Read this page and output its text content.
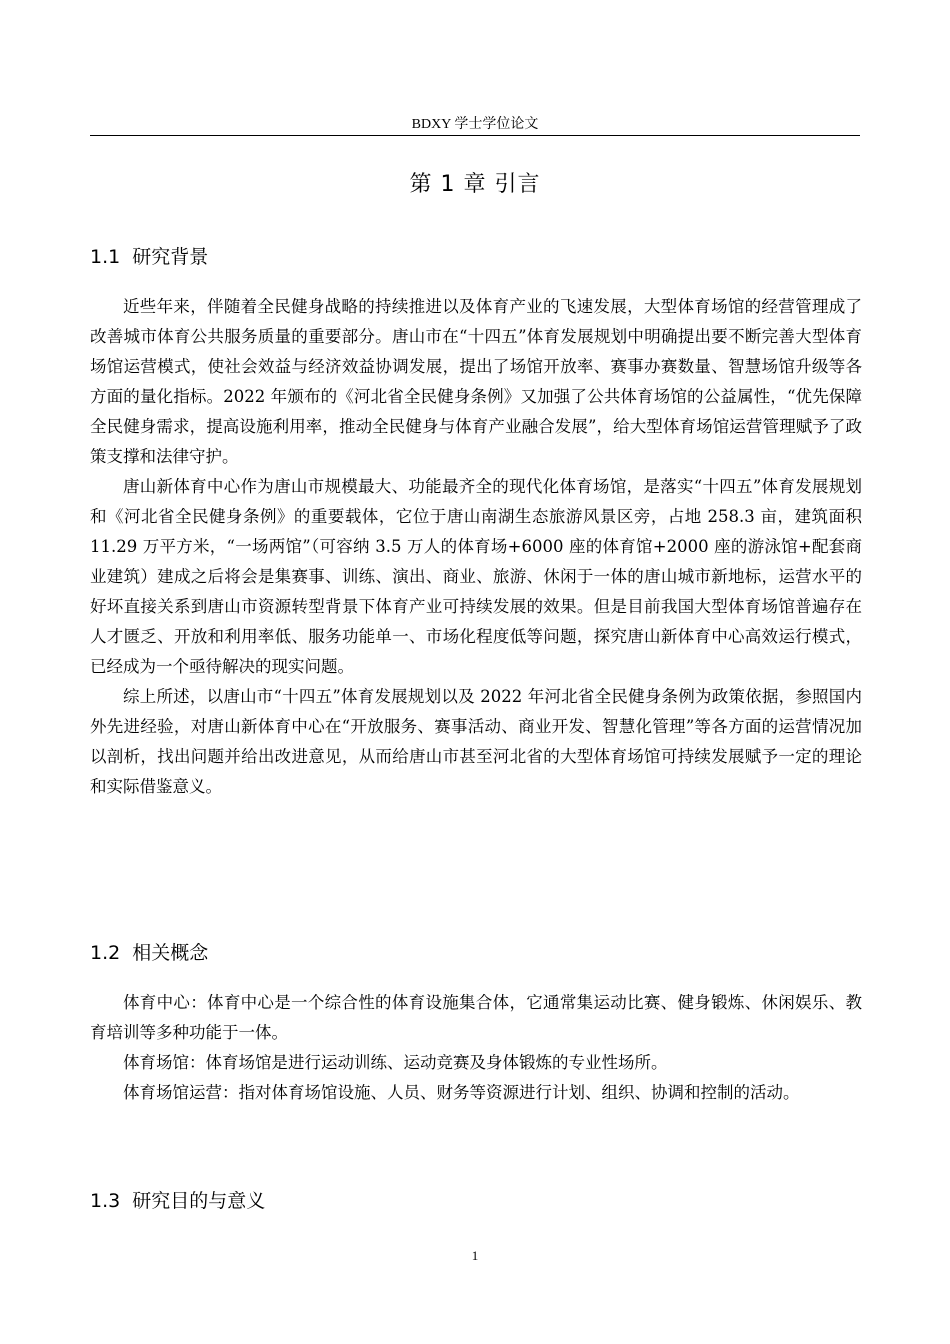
BDXY 学士学位论文
第 1 章 引言
1.1 研究背景

近些年来，伴随着全民健身战略的持续推进以及体育产业的飞速发展，大型体育场馆的经营管理成了改善城市体育公共服务质量的重要部分。唐山市在“十四五”体育发展规划中明确提出要不断完善大型体育场馆运营模式，使社会效益与经济效益协调发展，提出了场馆开放率、赛事办赛数量、智慧场馆升级等各方面的量化指标。2022 年颁布的《河北省全民健身条例》又加强了公共体育场馆的公益属性，“优先保障全民健身需求，提高设施利用率，推动全民健身与体育产业融合发展”，给大型体育场馆运营管理赋予了政策支撑和法律守护。

唐山新体育中心作为唐山市规模最大、功能最齐全的现代化体育场馆，是落实“十四五”体育发展规划和《河北省全民健身条例》的重要载体，它位于唐山南湖生态旅游风景区旁，占地 258.3 亩，建筑面积 11.29 万平方米，“一场两馆”（可容纳 3.5 万人的体育场+6000 座的体育馆+2000 座的游泳馆+配套商业建筑）建成之后将会是集赛事、训练、演出、商业、旅游、休闲于一体的唐山城市新地标，运营水平的好坏直接关系到唐山市资源转型背景下体育产业可持续发展的效果。但是目前我国大型体育场馆普遍存在人才匮乏、开放和利用率低、服务功能单一、市场化程度低等问题，探究唐山新体育中心高效运行模式，已经成为一个亟待解决的现实问题。

综上所述，以唐山市“十四五”体育发展规划以及 2022 年河北省全民健身条例为政策依据，参照国内外先进经验，对唐山新体育中心在“开放服务、赛事活动、商业开发、智慧化管理”等各方面的运营情况加以剖析，找出问题并给出改进意见，从而给唐山市甚至河北省的大型体育场馆可持续发展赋予一定的理论和实际借鉴意义。

1.2 相关概念

体育中心：体育中心是一个综合性的体育设施集合体，它通常集运动比赛、健身锻炼、休闲娱乐、教育培训等多种功能于一体。

体育场馆：体育场馆是进行运动训练、运动竞赛及身体锻炼的专业性场所。

体育场馆运营：指对体育场馆设施、人员、财务等资源进行计划、组织、协调和控制的活动。

1.3 研究目的与意义
1
